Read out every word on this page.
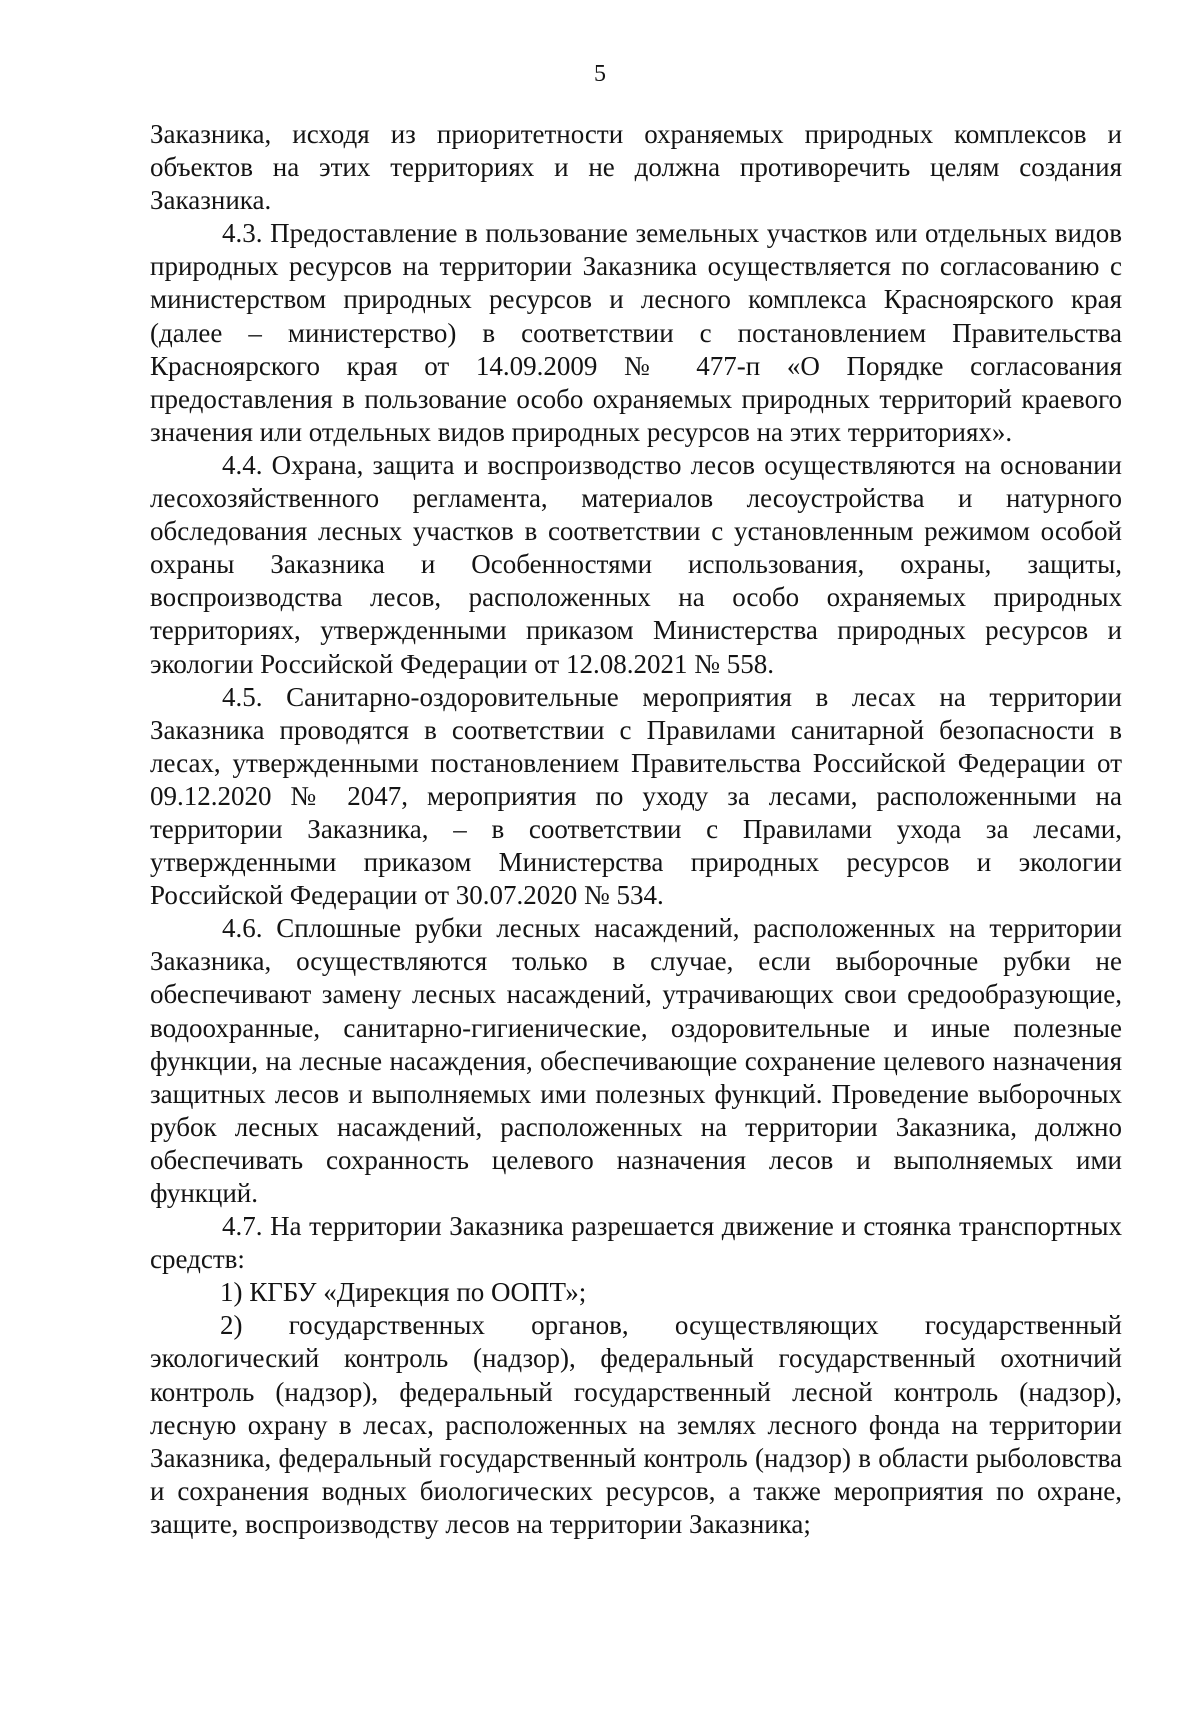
5

Заказника, исходя из приоритетности охраняемых природных комплексов и объектов на этих территориях и не должна противоречить целям создания Заказника.

4.3. Предоставление в пользование земельных участков или отдельных видов природных ресурсов на территории Заказника осуществляется по согласованию с министерством природных ресурсов и лесного комплекса Красноярского края (далее – министерство) в соответствии с постановлением Правительства Красноярского края от 14.09.2009 № 477-п «О Порядке согласования предоставления в пользование особо охраняемых природных территорий краевого значения или отдельных видов природных ресурсов на этих территориях».

4.4. Охрана, защита и воспроизводство лесов осуществляются на основании лесохозяйственного регламента, материалов лесоустройства и натурного обследования лесных участков в соответствии с установленным режимом особой охраны Заказника и Особенностями использования, охраны, защиты, воспроизводства лесов, расположенных на особо охраняемых природных территориях, утвержденными приказом Министерства природных ресурсов и экологии Российской Федерации от 12.08.2021 № 558.

4.5. Санитарно-оздоровительные мероприятия в лесах на территории Заказника проводятся в соответствии с Правилами санитарной безопасности в лесах, утвержденными постановлением Правительства Российской Федерации от 09.12.2020 № 2047, мероприятия по уходу за лесами, расположенными на территории Заказника, – в соответствии с Правилами ухода за лесами, утвержденными приказом Министерства природных ресурсов и экологии Российской Федерации от 30.07.2020 № 534.

4.6. Сплошные рубки лесных насаждений, расположенных на территории Заказника, осуществляются только в случае, если выборочные рубки не обеспечивают замену лесных насаждений, утрачивающих свои средообразующие, водоохранные, санитарно-гигиенические, оздоровительные и иные полезные функции, на лесные насаждения, обеспечивающие сохранение целевого назначения защитных лесов и выполняемых ими полезных функций. Проведение выборочных рубок лесных насаждений, расположенных на территории Заказника, должно обеспечивать сохранность целевого назначения лесов и выполняемых ими функций.

4.7. На территории Заказника разрешается движение и стоянка транспортных средств:

1) КГБУ «Дирекция по ООПТ»;

2) государственных органов, осуществляющих государственный экологический контроль (надзор), федеральный государственный охотничий контроль (надзор), федеральный государственный лесной контроль (надзор), лесную охрану в лесах, расположенных на землях лесного фонда на территории Заказника, федеральный государственный контроль (надзор) в области рыболовства и сохранения водных биологических ресурсов, а также мероприятия по охране, защите, воспроизводству лесов на территории Заказника;
